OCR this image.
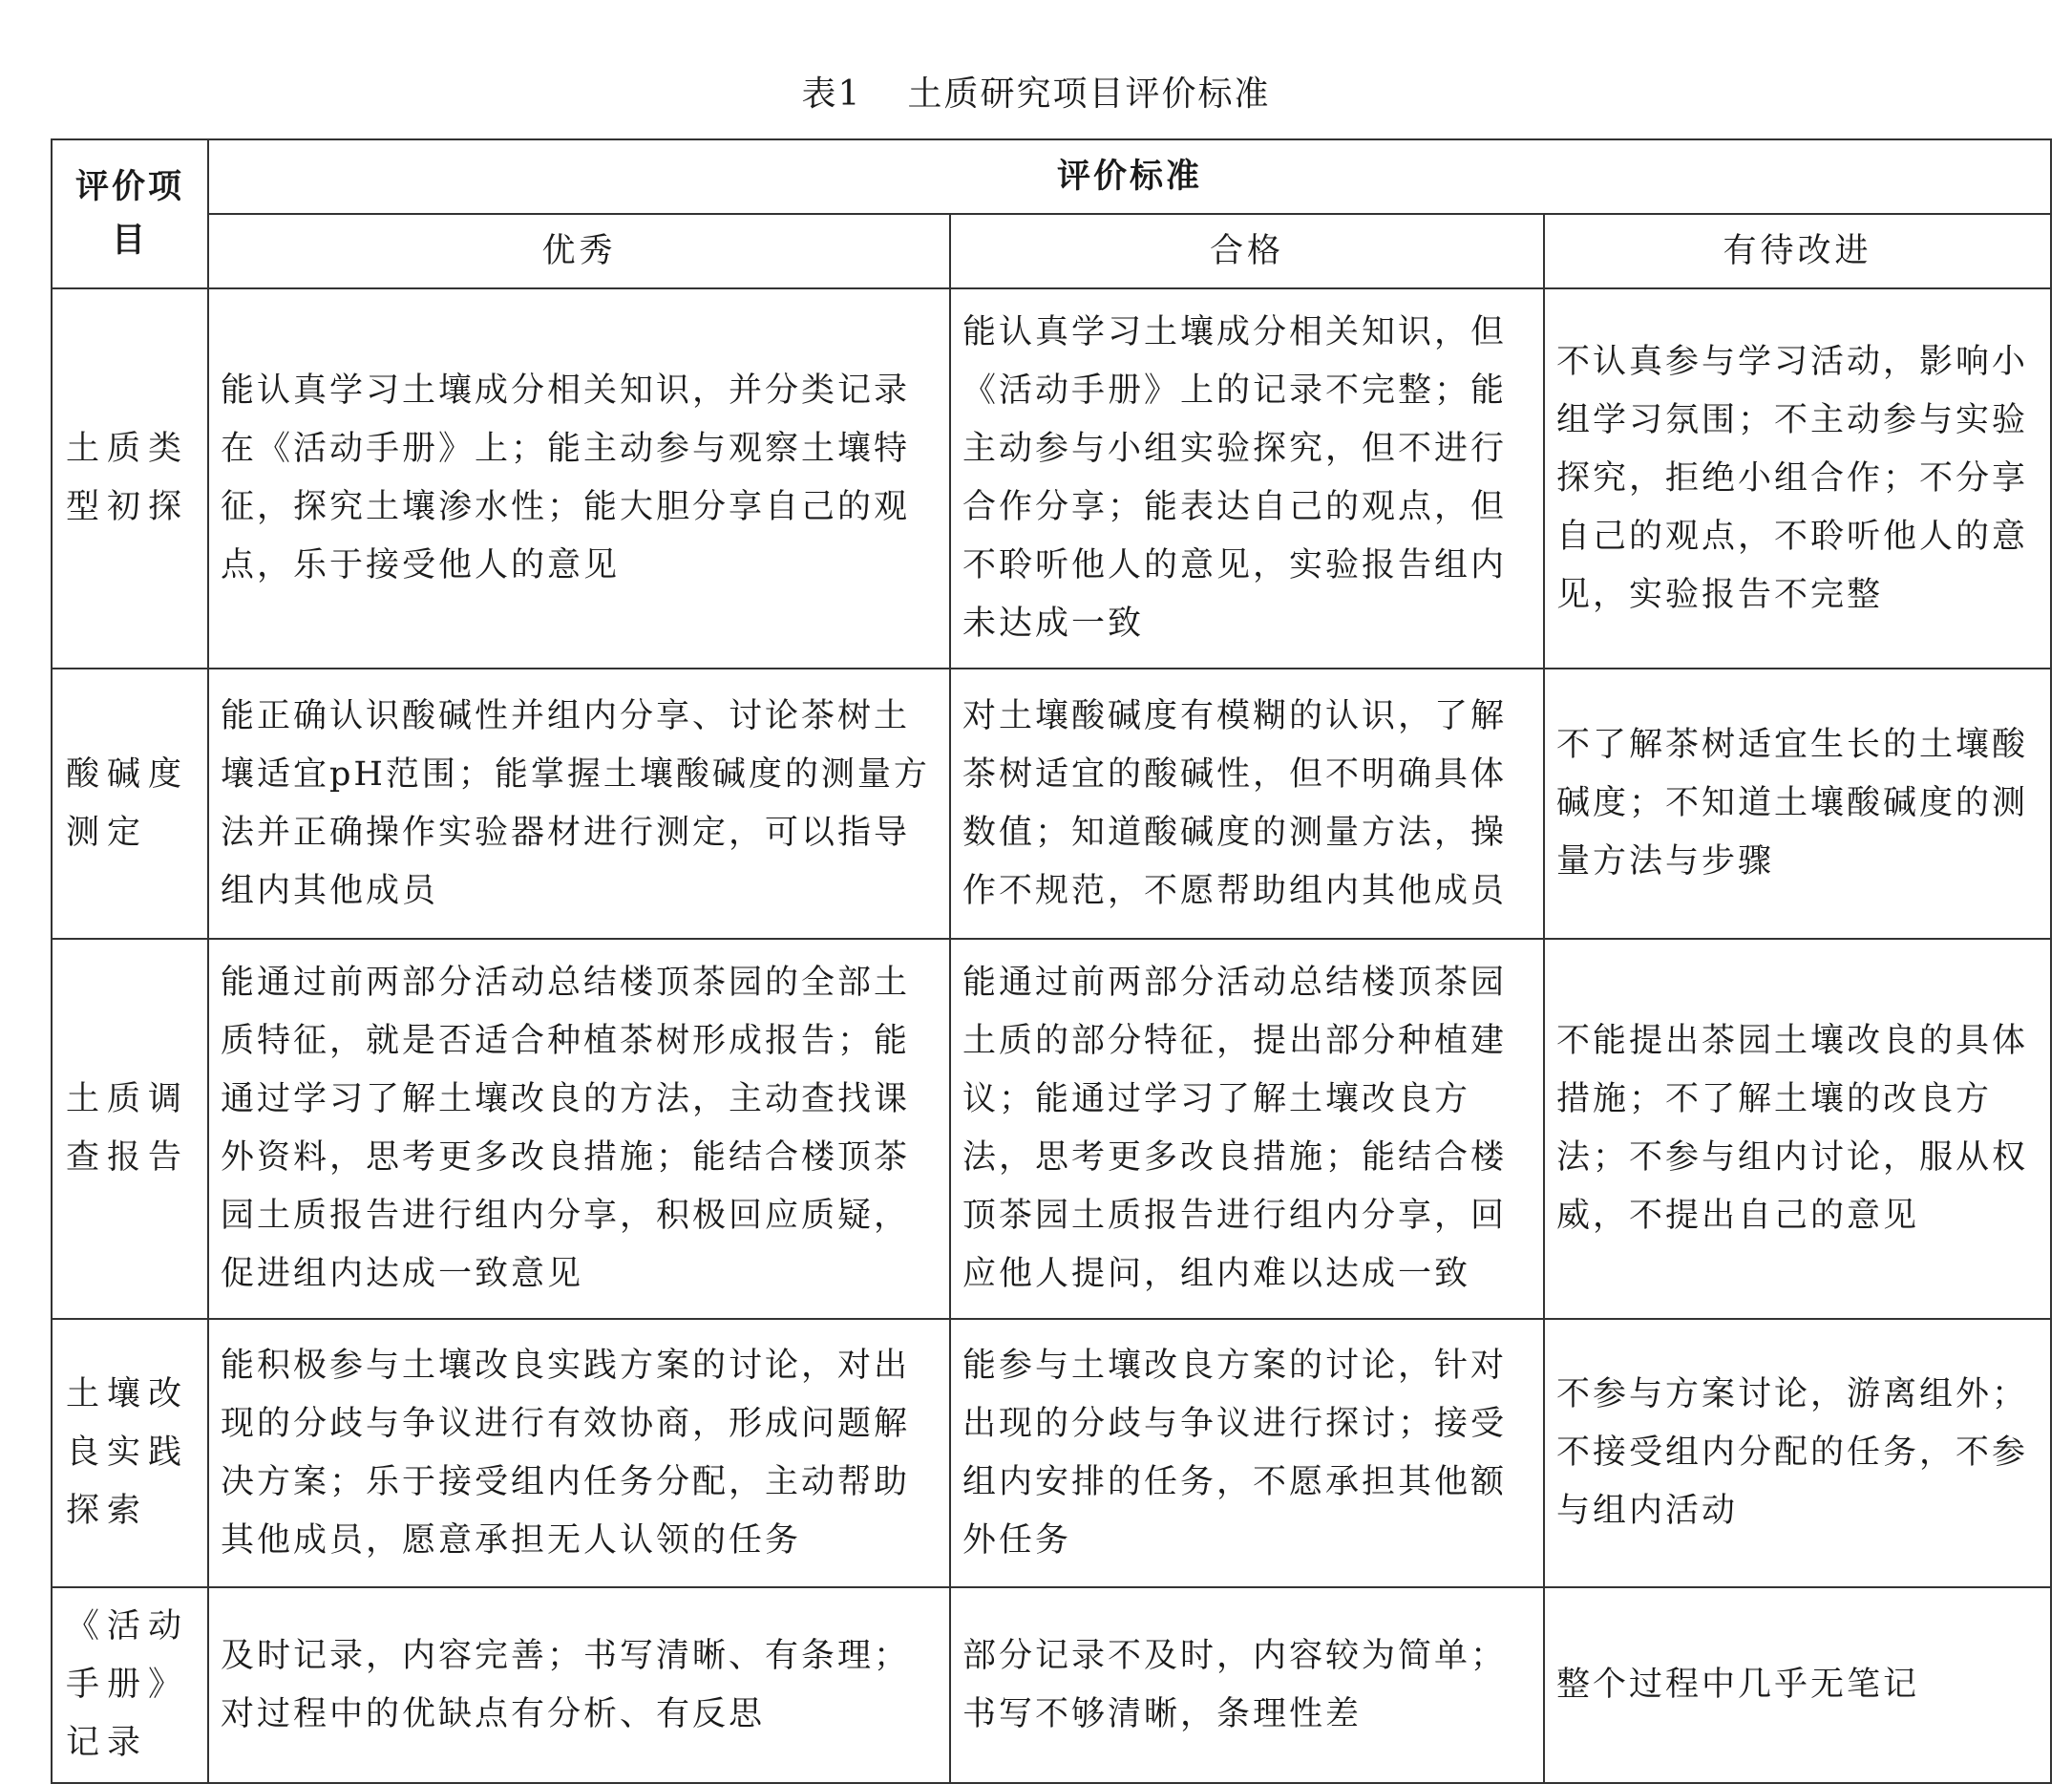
表1 土质研究项目评价标准
评价项目	评价标准		
	优秀	合格	有待改进
土质类型初探	能认真学习土壤成分相关知识，并分类记录在《活动手册》上；能主动参与观察土壤特征，探究土壤渗水性；能大胆分享自己的观点，乐于接受他人的意见	能认真学习土壤成分相关知识，但《活动手册》上的记录不完整；能主动参与小组实验探究，但不进行合作分享；能表达自己的观点，但不聆听他人的意见，实验报告组内未达成一致	不认真参与学习活动，影响小组学习氛围；不主动参与实验探究，拒绝小组合作；不分享自己的观点，不聆听他人的意见，实验报告不完整
酸碱度测定	能正确认识酸碱性并组内分享、讨论茶树土壤适宜pH范围；能掌握土壤酸碱度的测量方法并正确操作实验器材进行测定，可以指导组内其他成员	对土壤酸碱度有模糊的认识，了解茶树适宜的酸碱性，但不明确具体数值；知道酸碱度的测量方法，操作不规范，不愿帮助组内其他成员	不了解茶树适宜生长的土壤酸碱度；不知道土壤酸碱度的测量方法与步骤
土质调查报告	能通过前两部分活动总结楼顶茶园的全部土质特征，就是否适合种植茶树形成报告；能通过学习了解土壤改良的方法，主动查找课外资料，思考更多改良措施；能结合楼顶茶园土质报告进行组内分享，积极回应质疑，促进组内达成一致意见	能通过前两部分活动总结楼顶茶园土质的部分特征，提出部分种植建议；能通过学习了解土壤改良方法，思考更多改良措施；能结合楼顶茶园土质报告进行组内分享，回应他人提问，组内难以达成一致	不能提出茶园土壤改良的具体措施；不了解土壤的改良方法；不参与组内讨论，服从权威，不提出自己的意见
土壤改良实践探索	能积极参与土壤改良实践方案的讨论，对出现的分歧与争议进行有效协商，形成问题解决方案；乐于接受组内任务分配，主动帮助其他成员，愿意承担无人认领的任务	能参与土壤改良方案的讨论，针对出现的分歧与争议进行探讨；接受组内安排的任务，不愿承担其他额外任务	不参与方案讨论，游离组外；不接受组内分配的任务，不参与组内活动
《活动手册》记录	及时记录，内容完善；书写清晰、有条理；对过程中的优缺点有分析、有反思	部分记录不及时，内容较为简单；书写不够清晰，条理性差	整个过程中几乎无笔记
